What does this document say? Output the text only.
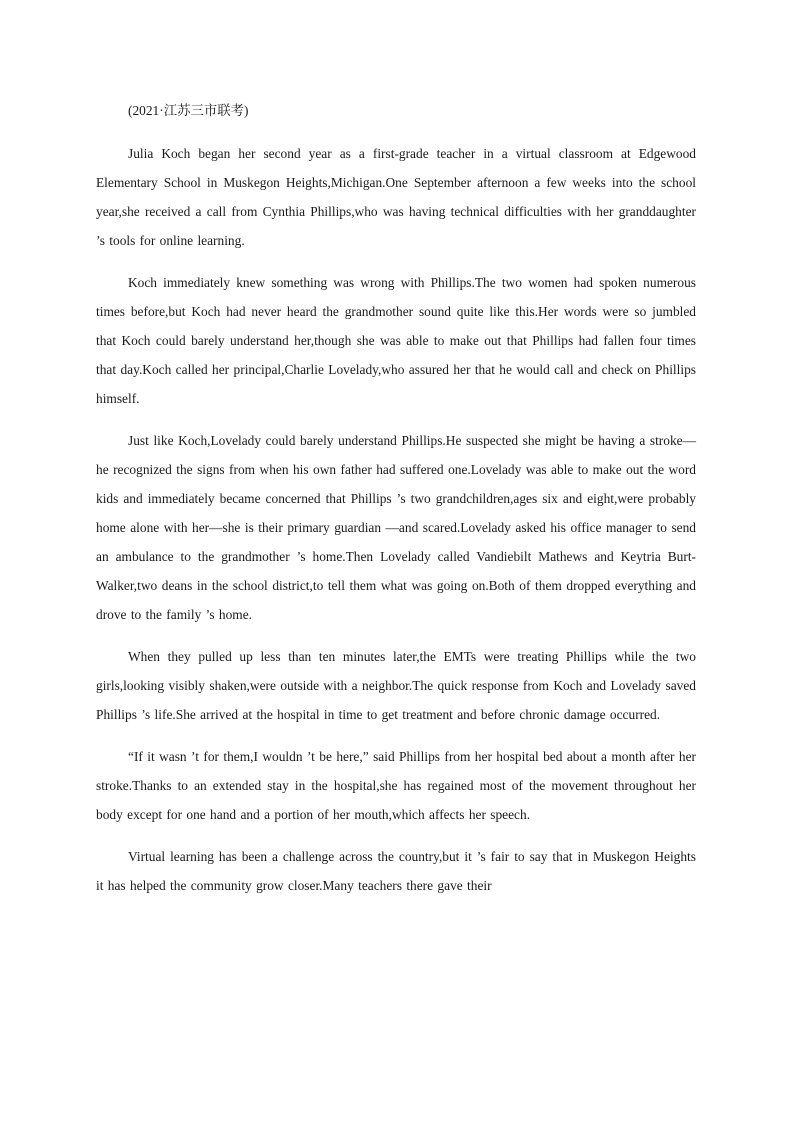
(2021·江苏三市联考)

Julia Koch began her second year as a first-grade teacher in a virtual classroom at Edgewood Elementary School in Muskegon Heights,Michigan.One September afternoon a few weeks into the school year,she received a call from Cynthia Phillips,who was having technical difficulties with her granddaughter ’s tools for online learning.

Koch immediately knew something was wrong with Phillips.The two women had spoken numerous times before,but Koch had never heard the grandmother sound quite like this.Her words were so jumbled that Koch could barely understand her,though she was able to make out that Phillips had fallen four times that day.Koch called her principal,Charlie Lovelady,who assured her that he would call and check on Phillips himself.

Just like Koch,Lovelady could barely understand Phillips.He suspected she might be having a stroke—he recognized the signs from when his own father had suffered one.Lovelady was able to make out the word kids and immediately became concerned that Phillips ’s two grandchildren,ages six and eight,were probably home alone with her—she is their primary guardian —and scared.Lovelady asked his office manager to send an ambulance to the grandmother ’s home.Then Lovelady called Vandiebilt Mathews and Keytria Burt-Walker,two deans in the school district,to tell them what was going on.Both of them dropped everything and drove to the family ’s home.

When they pulled up less than ten minutes later,the EMTs were treating Phillips while the two girls,looking visibly shaken,were outside with a neighbor.The quick response from Koch and Lovelady saved Phillips ’s life.She arrived at the hospital in time to get treatment and before chronic damage occurred.

“If it wasn ’t for them,I wouldn ’t be here,” said Phillips from her hospital bed about a month after her stroke.Thanks to an extended stay in the hospital,she has regained most of the movement throughout her body except for one hand and a portion of her mouth,which affects her speech.

Virtual learning has been a challenge across the country,but it ’s fair to say that in Muskegon Heights it has helped the community grow closer.Many teachers there gave their
